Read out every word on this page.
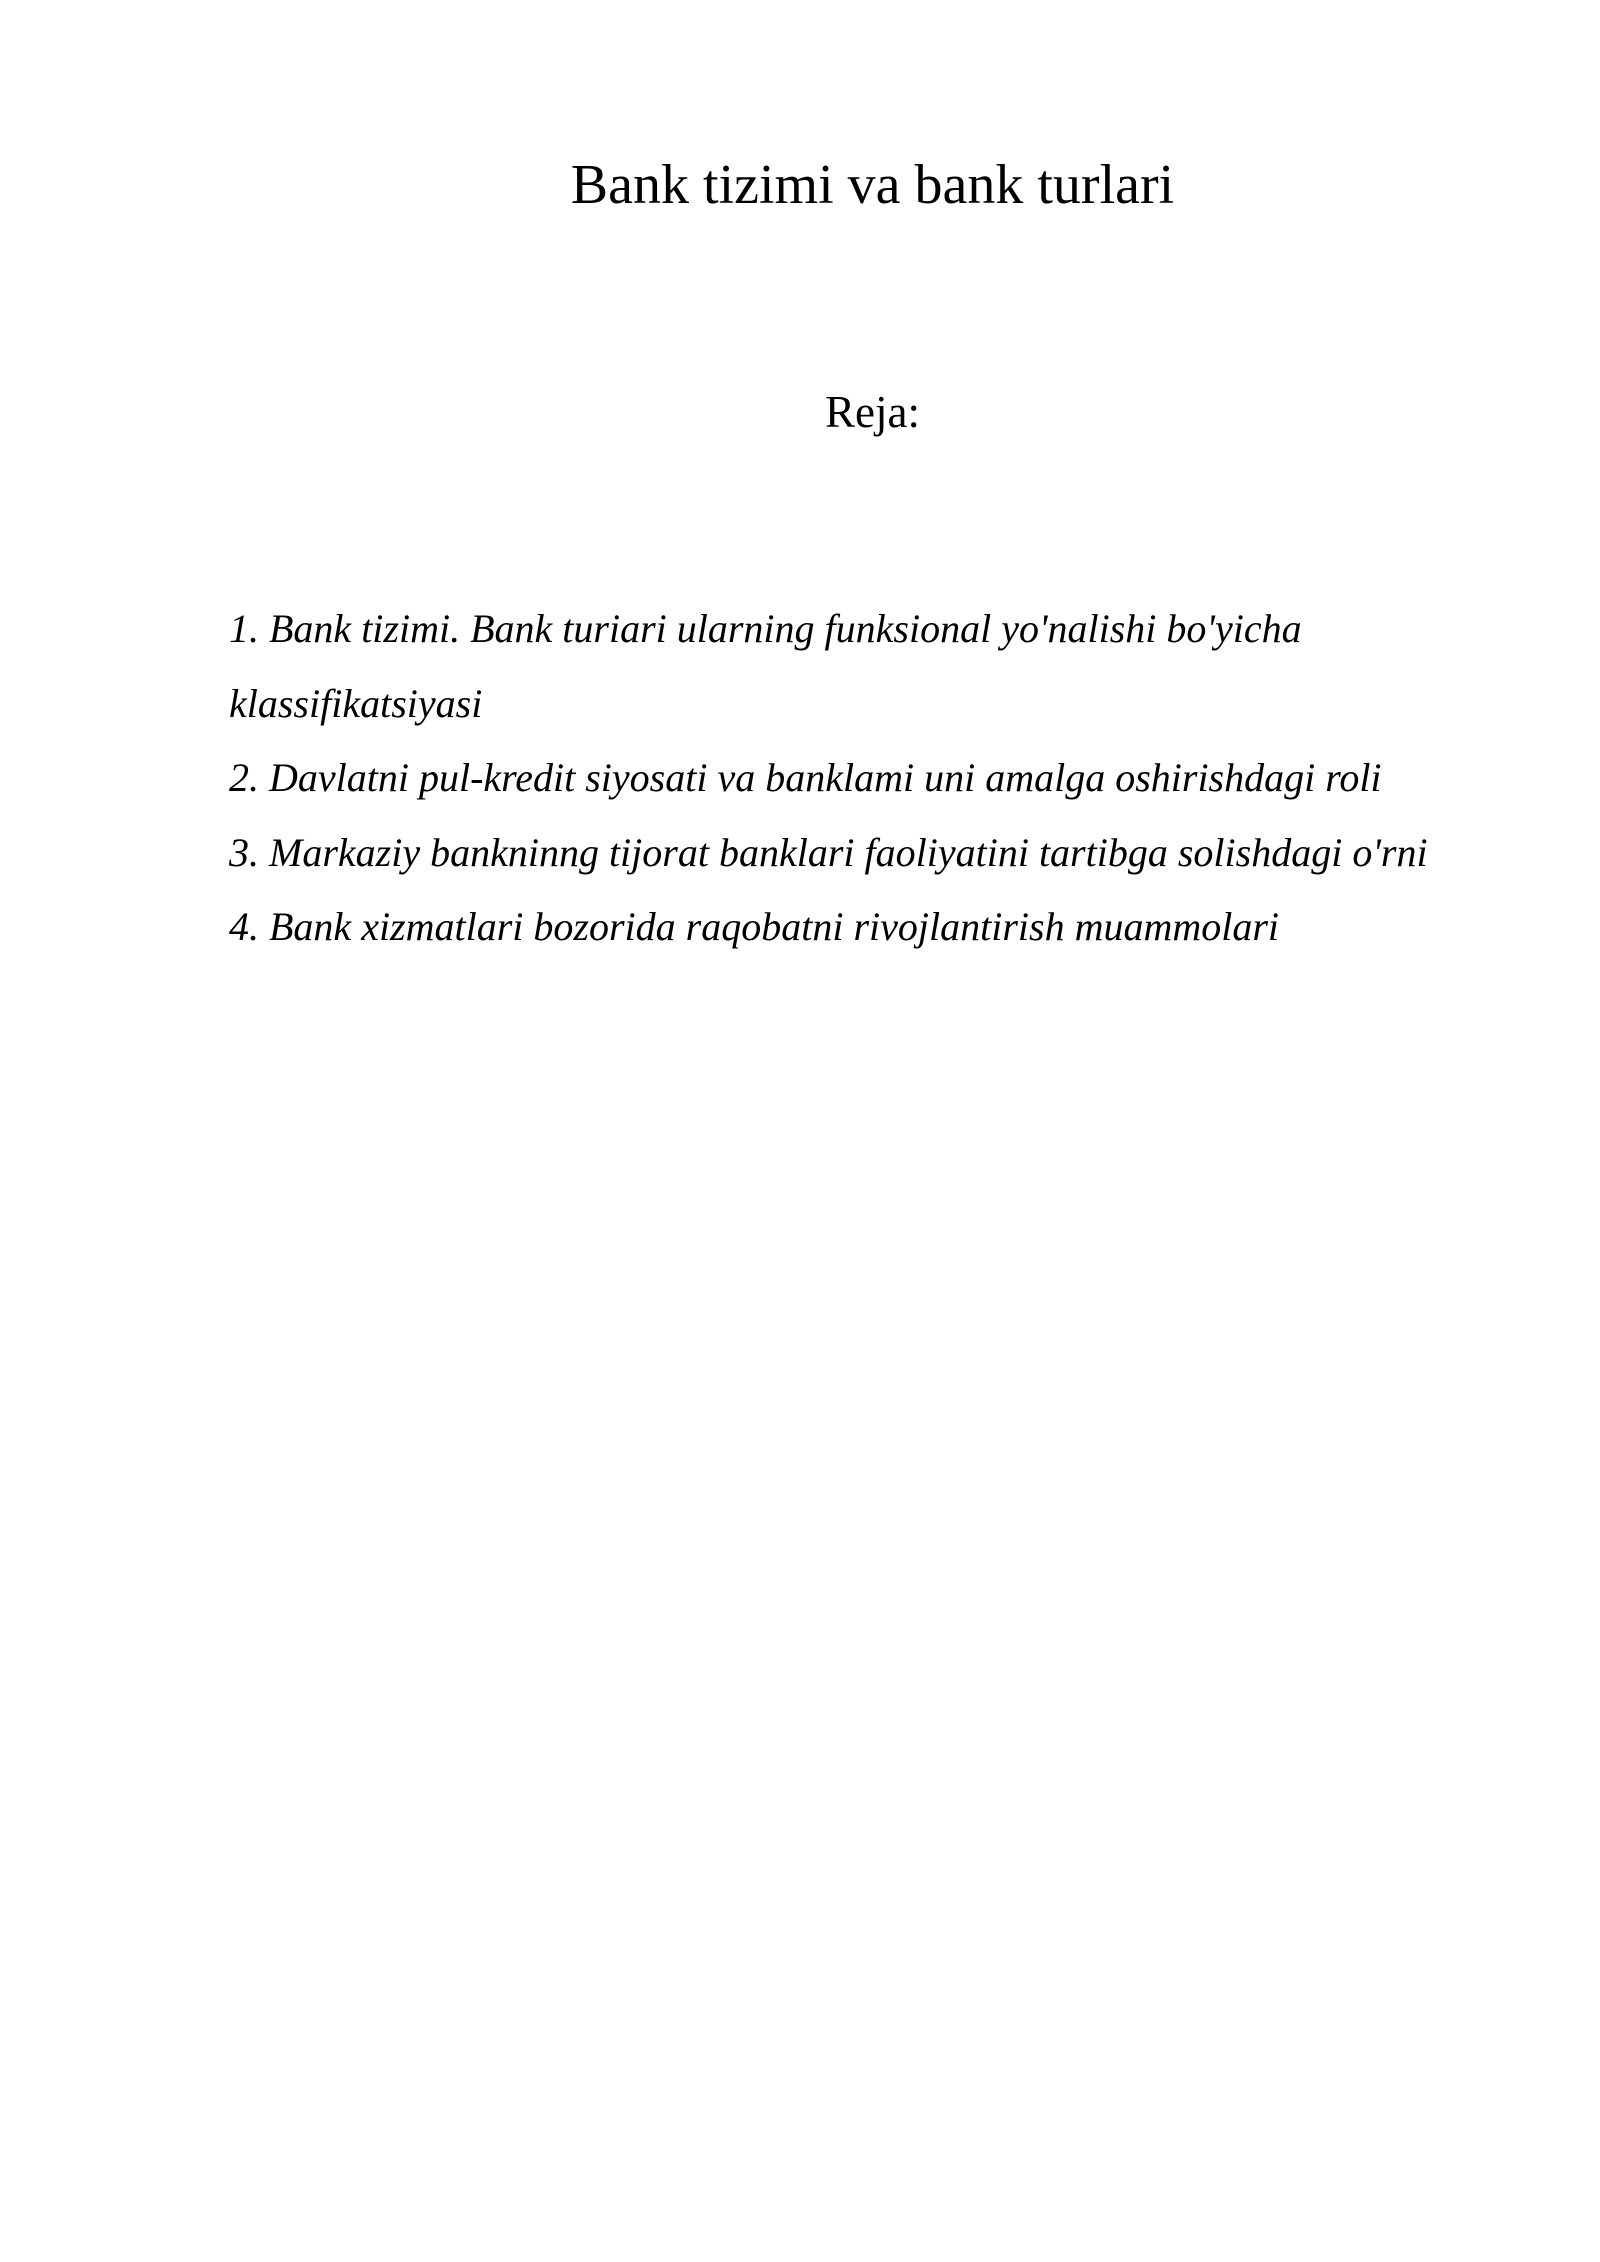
Bank tizimi va bank turlari
Reja:
1. Bank tizimi. Bank turiari ularning funksional yo'nalishi bo'yicha klassifikatsiyasi
2. Davlatni pul-kredit siyosati va banklami uni amalga oshirishdagi roli
3. Markaziy bankninng tijorat banklari faoliyatini tartibga solishdagi o'rni
4. Bank xizmatlari bozorida raqobatni rivojlantirish muammolari
